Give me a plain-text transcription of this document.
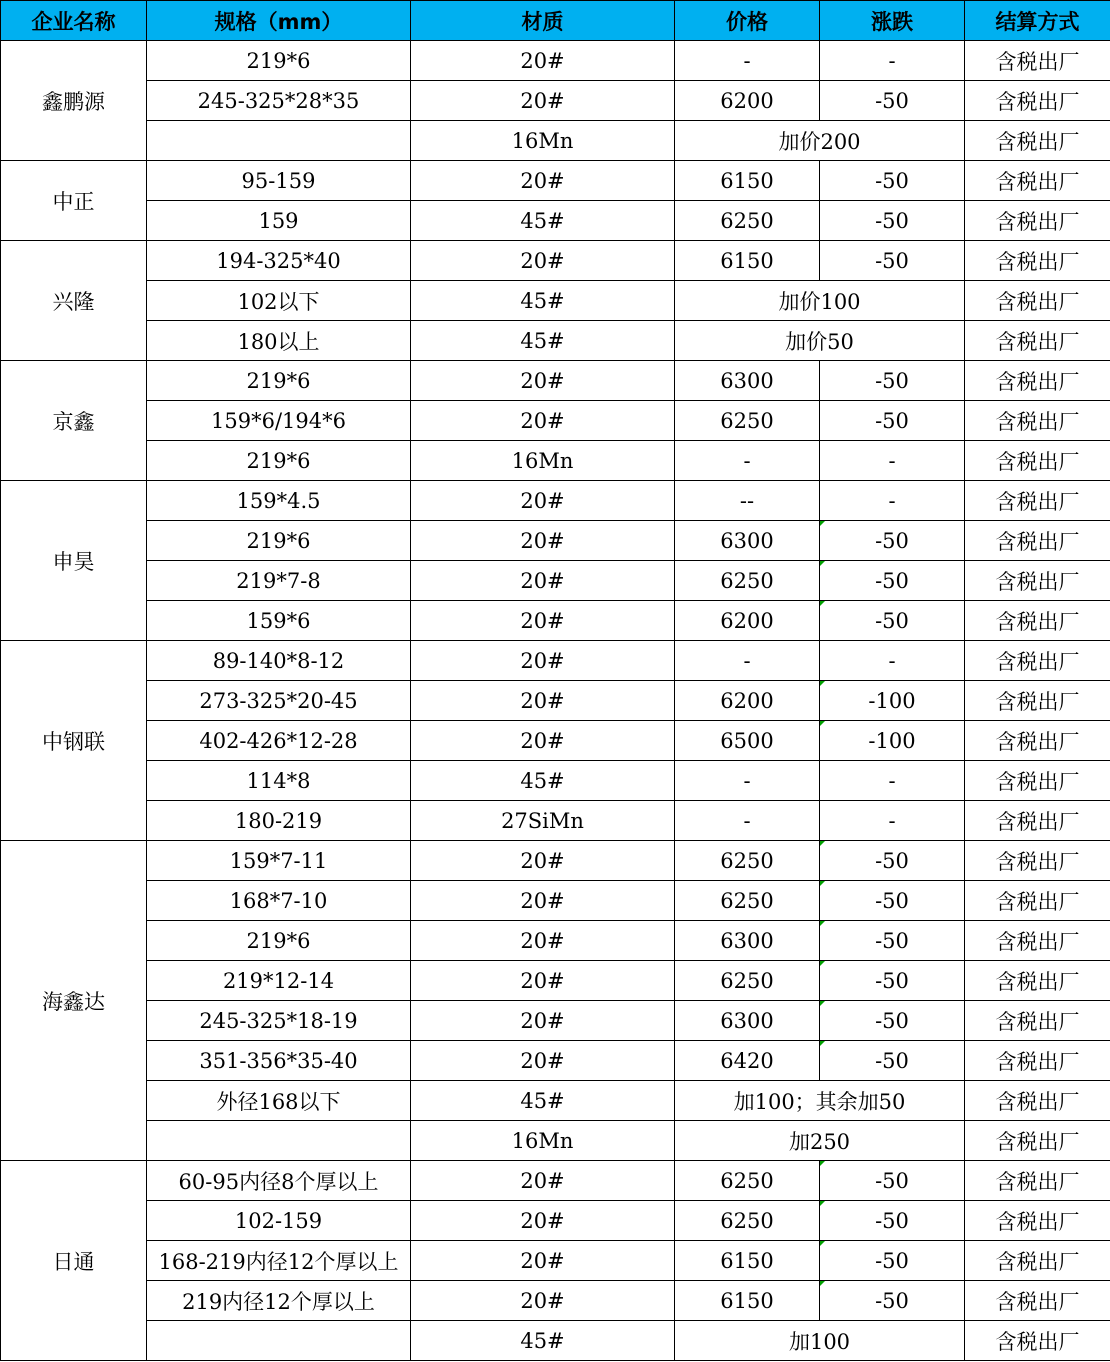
企业名称	规格（mm）	材质	价格	涨跌	结算方式
鑫鹏源	219*6	20#	-	-	含税出厂
	245-325*28*35	20#	6200	-50	含税出厂
		16Mn	加价200		含税出厂
中正	95-159	20#	6150	-50	含税出厂
	159	45#	6250	-50	含税出厂
兴隆	194-325*40	20#	6150	-50	含税出厂
	102以下	45#	加价100		含税出厂
	180以上	45#	加价50		含税出厂
京鑫	219*6	20#	6300	-50	含税出厂
	159*6/194*6	20#	6250	-50	含税出厂
	219*6	16Mn	-	-	含税出厂
申昊	159*4.5	20#	--	-	含税出厂
	219*6	20#	6300	-50	含税出厂
	219*7-8	20#	6250	-50	含税出厂
	159*6	20#	6200	-50	含税出厂
中钢联	89-140*8-12	20#	-	-	含税出厂
	273-325*20-45	20#	6200	-100	含税出厂
	402-426*12-28	20#	6500	-100	含税出厂
	114*8	45#	-	-	含税出厂
	180-219	27SiMn	-	-	含税出厂
海鑫达	159*7-11	20#	6250	-50	含税出厂
	168*7-10	20#	6250	-50	含税出厂
	219*6	20#	6300	-50	含税出厂
	219*12-14	20#	6250	-50	含税出厂
	245-325*18-19	20#	6300	-50	含税出厂
	351-356*35-40	20#	6420	-50	含税出厂
	外径168以下	45#	加100；其余加50		含税出厂
		16Mn	加250		含税出厂
日通	60-95内径8个厚以上	20#	6250	-50	含税出厂
	102-159	20#	6250	-50	含税出厂
	168-219内径12个厚以上	20#	6150	-50	含税出厂
	219内径12个厚以上	20#	6150	-50	含税出厂
		45#	加100		含税出厂
